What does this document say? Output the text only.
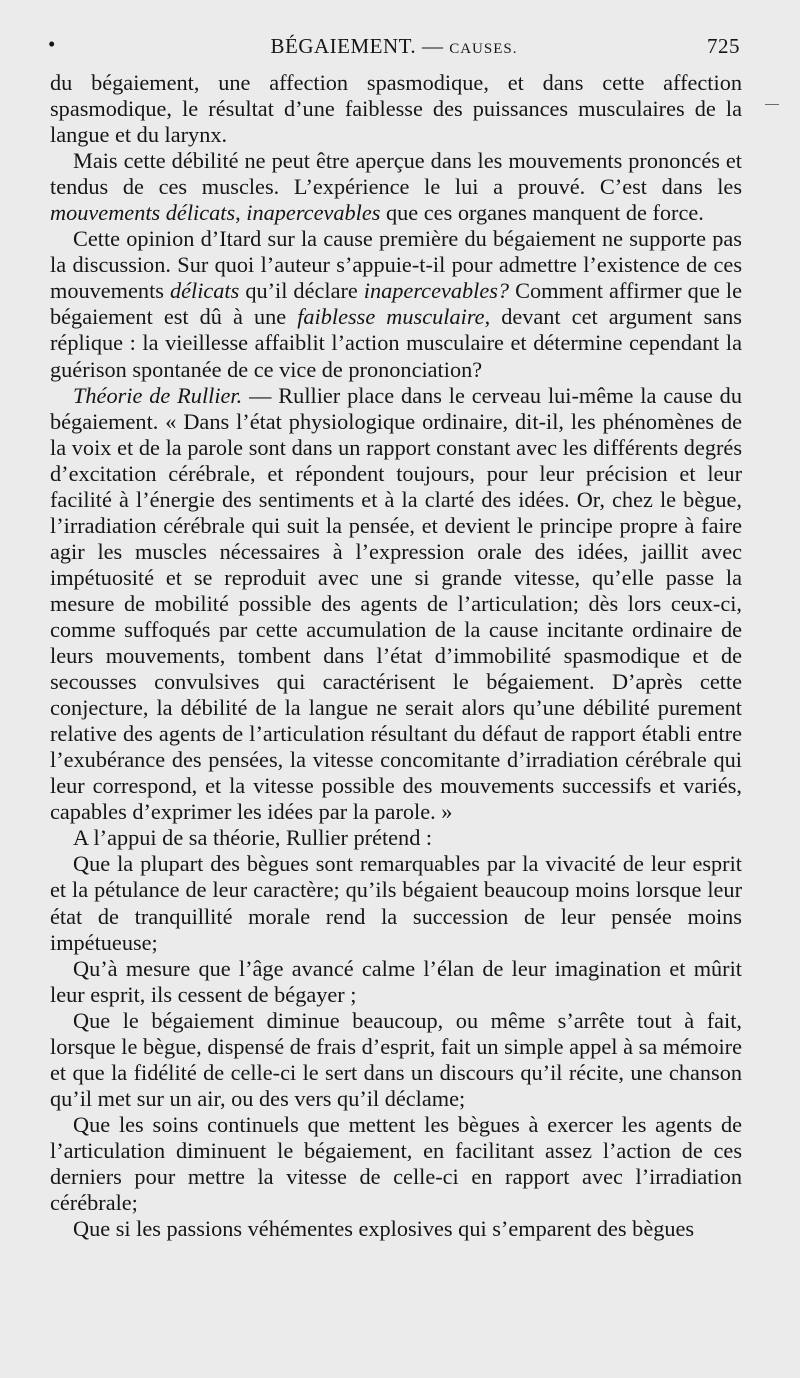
•	BÉGAIEMENT. — CAUSES.	725

du bégaiement, une affection spasmodique, et dans cette affection spasmodique, le résultat d’une faiblesse des puissances musculaires de la langue et du larynx.

Mais cette débilité ne peut être aperçue dans les mouvements prononcés et tendus de ces muscles. L’expérience le lui a prouvé. C’est dans les mouvements délicats, inapercevables que ces organes manquent de force.

Cette opinion d’Itard sur la cause première du bégaiement ne supporte pas la discussion. Sur quoi l’auteur s’appuie-t-il pour admettre l’existence de ces mouvements délicats qu’il déclare inapercevables? Comment affirmer que le bégaiement est dû à une faiblesse musculaire, devant cet argument sans réplique : la vieillesse affaiblit l’action musculaire et détermine cependant la guérison spontanée de ce vice de prononciation?

Théorie de Rullier. — Rullier place dans le cerveau lui-même la cause du bégaiement. « Dans l’état physiologique ordinaire, dit-il, les phénomènes de la voix et de la parole sont dans un rapport constant avec les différents degrés d’excitation cérébrale, et répondent toujours, pour leur précision et leur facilité à l’énergie des sentiments et à la clarté des idées. Or, chez le bègue, l’irradiation cérébrale qui suit la pensée, et devient le principe propre à faire agir les muscles nécessaires à l’expression orale des idées, jaillit avec impétuosité et se reproduit avec une si grande vitesse, qu’elle passe la mesure de mobilité possible des agents de l’articulation; dès lors ceux-ci, comme suffoqués par cette accumulation de la cause incitante ordinaire de leurs mouvements, tombent dans l’état d’immobilité spasmodique et de secousses convulsives qui caractérisent le bégaiement. D’après cette conjecture, la débilité de la langue ne serait alors qu’une débilité purement relative des agents de l’articulation résultant du défaut de rapport établi entre l’exubérance des pensées, la vitesse concomitante d’irradiation cérébrale qui leur correspond, et la vitesse possible des mouvements successifs et variés, capables d’exprimer les idées par la parole. »

A l’appui de sa théorie, Rullier prétend :

Que la plupart des bègues sont remarquables par la vivacité de leur esprit et la pétulance de leur caractère; qu’ils bégaient beaucoup moins lorsque leur état de tranquillité morale rend la succession de leur pensée moins impétueuse;

Qu’à mesure que l’âge avancé calme l’élan de leur imagination et mûrit leur esprit, ils cessent de bégayer ;

Que le bégaiement diminue beaucoup, ou même s’arrête tout à fait, lorsque le bègue, dispensé de frais d’esprit, fait un simple appel à sa mémoire et que la fidélité de celle-ci le sert dans un discours qu’il récite, une chanson qu’il met sur un air, ou des vers qu’il déclame;

Que les soins continuels que mettent les bègues à exercer les agents de l’articulation diminuent le bégaiement, en facilitant assez l’action de ces derniers pour mettre la vitesse de celle-ci en rapport avec l’irradiation cérébrale;

Que si les passions véhémentes explosives qui s’emparent des bègues
